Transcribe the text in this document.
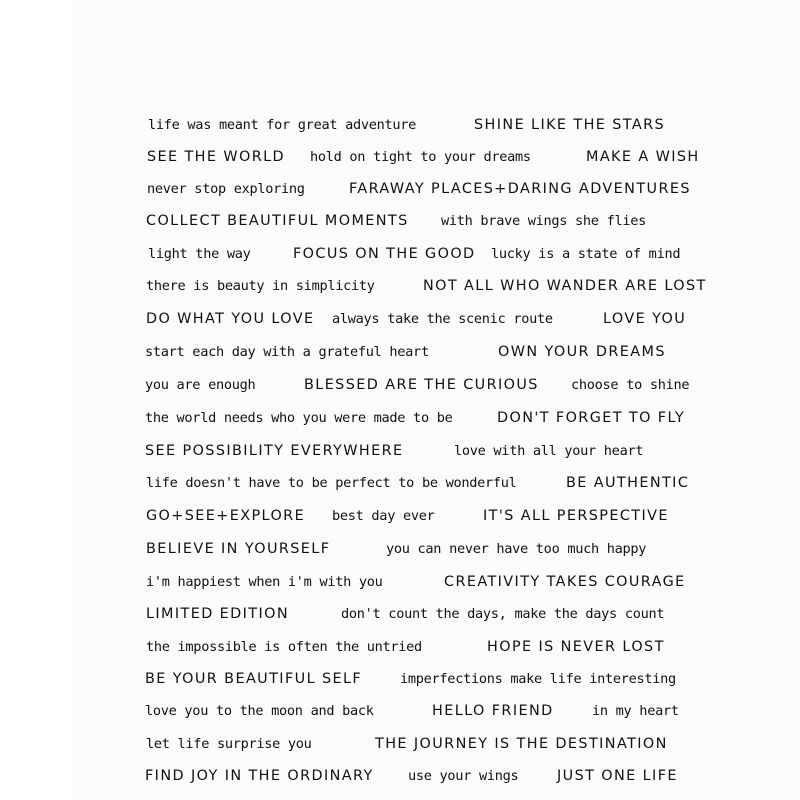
life was meant for great adventure	SHINE LIKE THE STARS
SEE THE WORLD hold on tight to your dreams	MAKE A WISH
never stop exploring	FARAWAY PLACES+DARING ADVENTURES
COLLECT BEAUTIFUL MOMENTS with brave wings she flies
light the way	FOCUS ON THE GOOD lucky is a state of mind
there is beauty in simplicity	NOT ALL WHO WANDER ARE LOST
DO WHAT YOU LOVE always take the scenic route	LOVE YOU
start each day with a grateful heart	OWN YOUR DREAMS
you are enough	BLESSED ARE THE CURIOUS choose to shine
the world needs who you were made to be	DON'T FORGET TO FLY
SEE POSSIBILITY EVERYWHERE	love with all your heart
life doesn't have to be perfect to be wonderful	BE AUTHENTIC
GO+SEE+EXPLORE best day ever	IT'S ALL PERSPECTIVE
BELIEVE IN YOURSELF	you can never have too much happy
i'm happiest when i'm with you	CREATIVITY TAKES COURAGE
LIMITED EDITION	don't count the days, make the days count
the impossible is often the untried	HOPE IS NEVER LOST
BE YOUR BEAUTIFUL SELF	imperfections make life interesting
love you to the moon and back	HELLO FRIEND	in my heart
let life surprise you	THE JOURNEY IS THE DESTINATION
FIND JOY IN THE ORDINARY	use your wings	JUST ONE LIFE
